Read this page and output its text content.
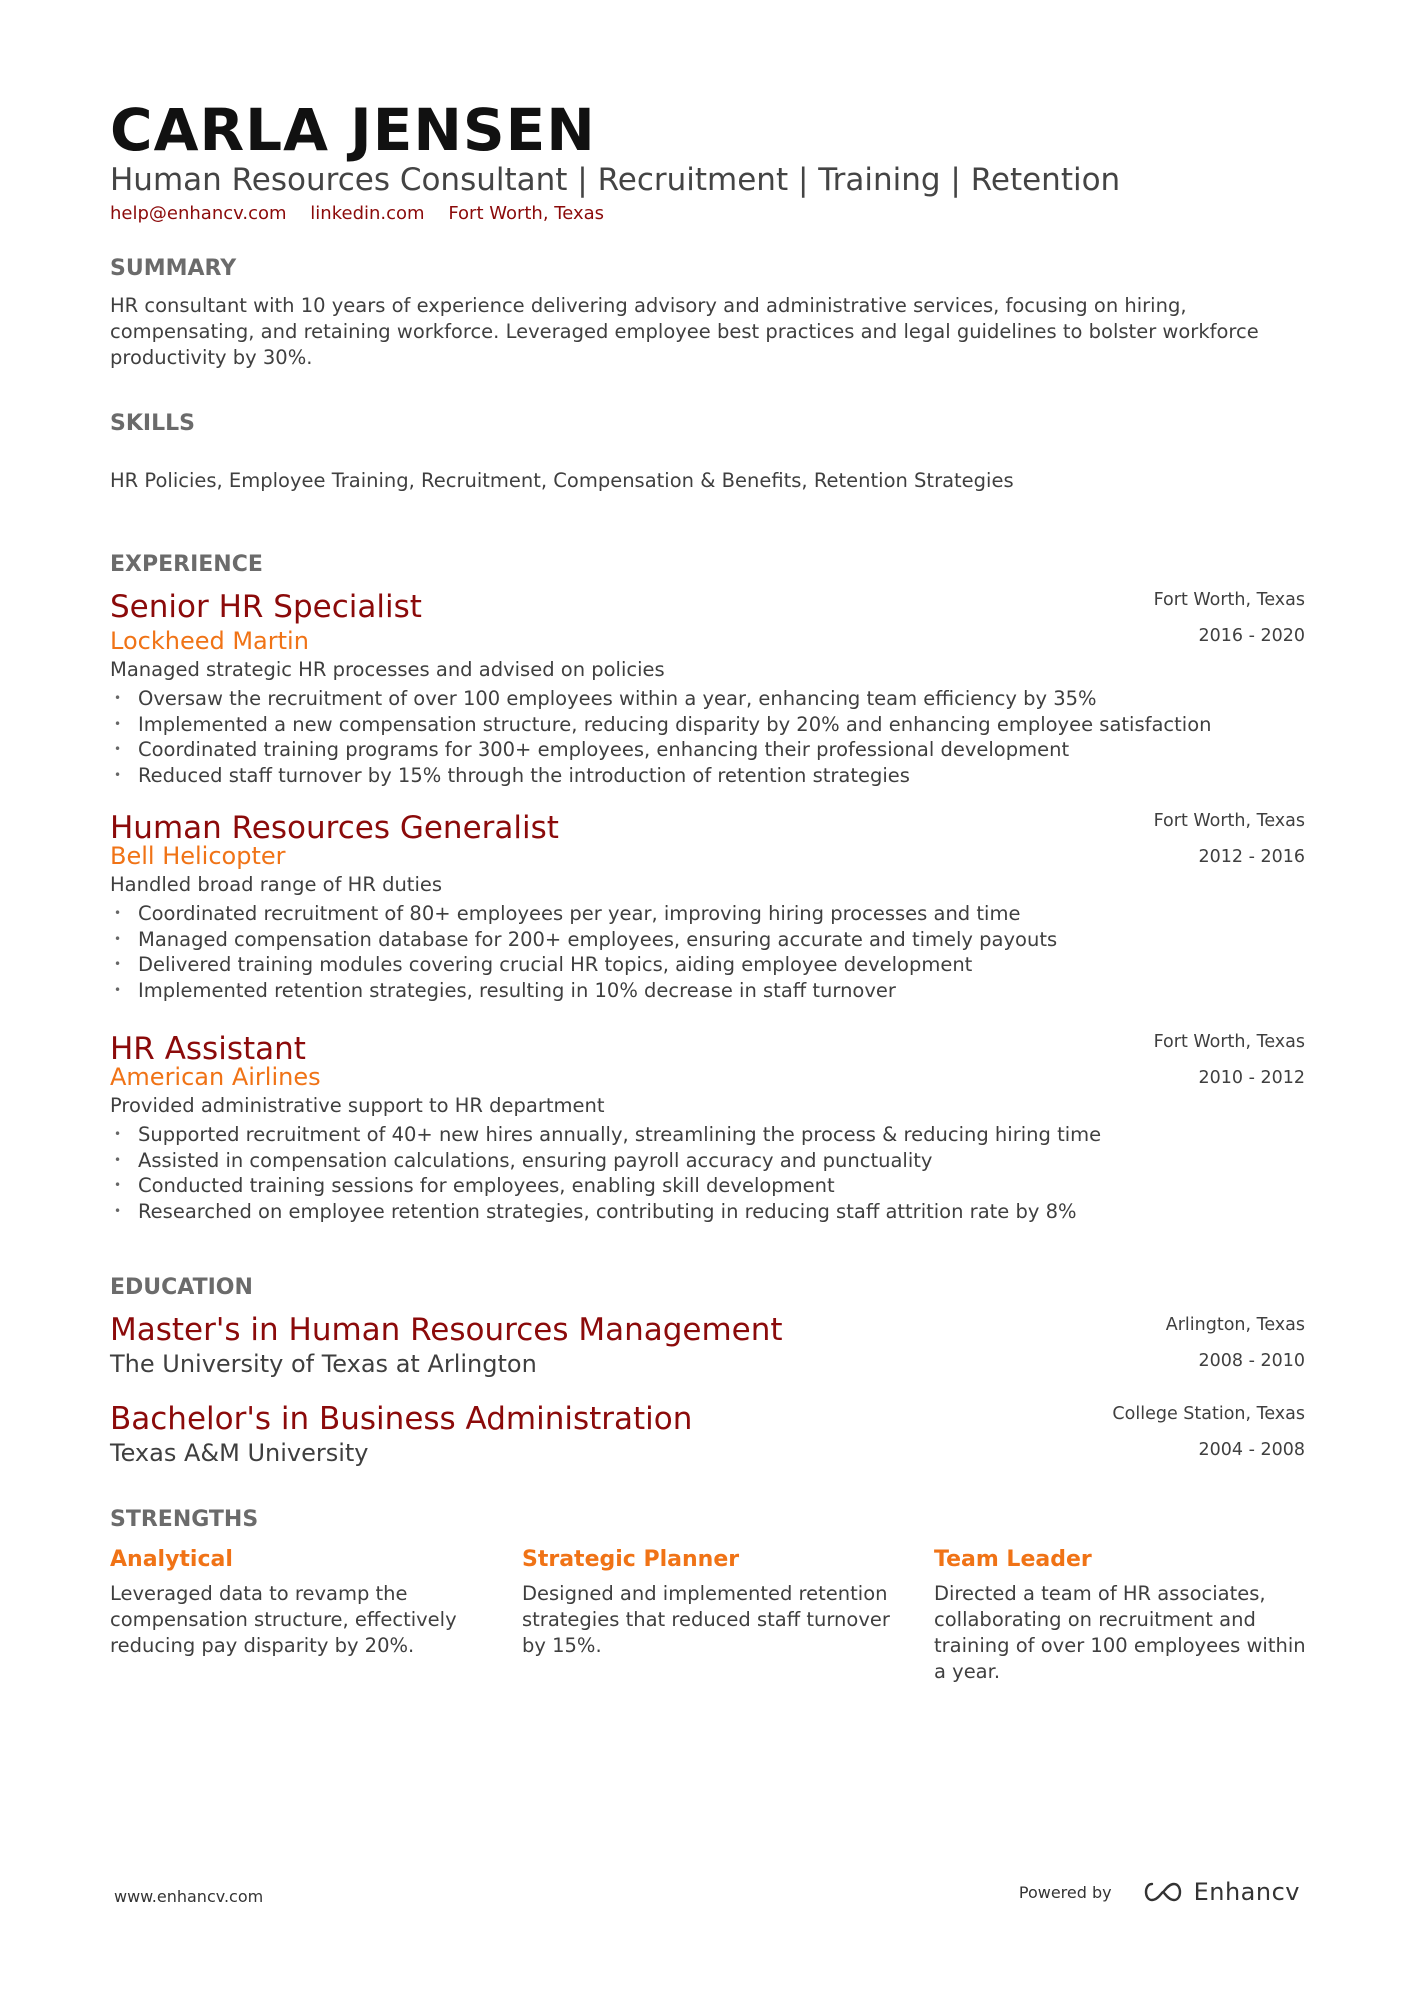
CARLA JENSEN
Human Resources Consultant | Recruitment | Training | Retention
help@enhancv.com linkedin.com Fort Worth, Texas
SUMMARY
HR consultant with 10 years of experience delivering advisory and administrative services, focusing on hiring, compensating, and retaining workforce. Leveraged employee best practices and legal guidelines to bolster workforce productivity by 30%.
SKILLS
HR Policies, Employee Training, Recruitment, Compensation & Benefits, Retention Strategies
EXPERIENCE
Senior HR Specialist
Lockheed Martin
Managed strategic HR processes and advised on policies
• Oversaw the recruitment of over 100 employees within a year, enhancing team efficiency by 35%
• Implemented a new compensation structure, reducing disparity by 20% and enhancing employee satisfaction
• Coordinated training programs for 300+ employees, enhancing their professional development
• Reduced staff turnover by 15% through the introduction of retention strategies
Fort Worth, Texas
2016 - 2020
Human Resources Generalist
Bell Helicopter
Handled broad range of HR duties
• Coordinated recruitment of 80+ employees per year, improving hiring processes and time
• Managed compensation database for 200+ employees, ensuring accurate and timely payouts
• Delivered training modules covering crucial HR topics, aiding employee development
• Implemented retention strategies, resulting in 10% decrease in staff turnover
Fort Worth, Texas
2012 - 2016
HR Assistant
American Airlines
Provided administrative support to HR department
• Supported recruitment of 40+ new hires annually, streamlining the process & reducing hiring time
• Assisted in compensation calculations, ensuring payroll accuracy and punctuality
• Conducted training sessions for employees, enabling skill development
• Researched on employee retention strategies, contributing in reducing staff attrition rate by 8%
Fort Worth, Texas
2010 - 2012
EDUCATION
Master's in Human Resources Management
The University of Texas at Arlington
Arlington, Texas
2008 - 2010
Bachelor's in Business Administration
Texas A&M University
College Station, Texas
2004 - 2008
STRENGTHS
Analytical
Leveraged data to revamp the compensation structure, effectively reducing pay disparity by 20%.
Strategic Planner
Designed and implemented retention strategies that reduced staff turnover by 15%.
Team Leader
Directed a team of HR associates, collaborating on recruitment and training of over 100 employees within a year.
www.enhancv.com	Powered by	Enhancv
